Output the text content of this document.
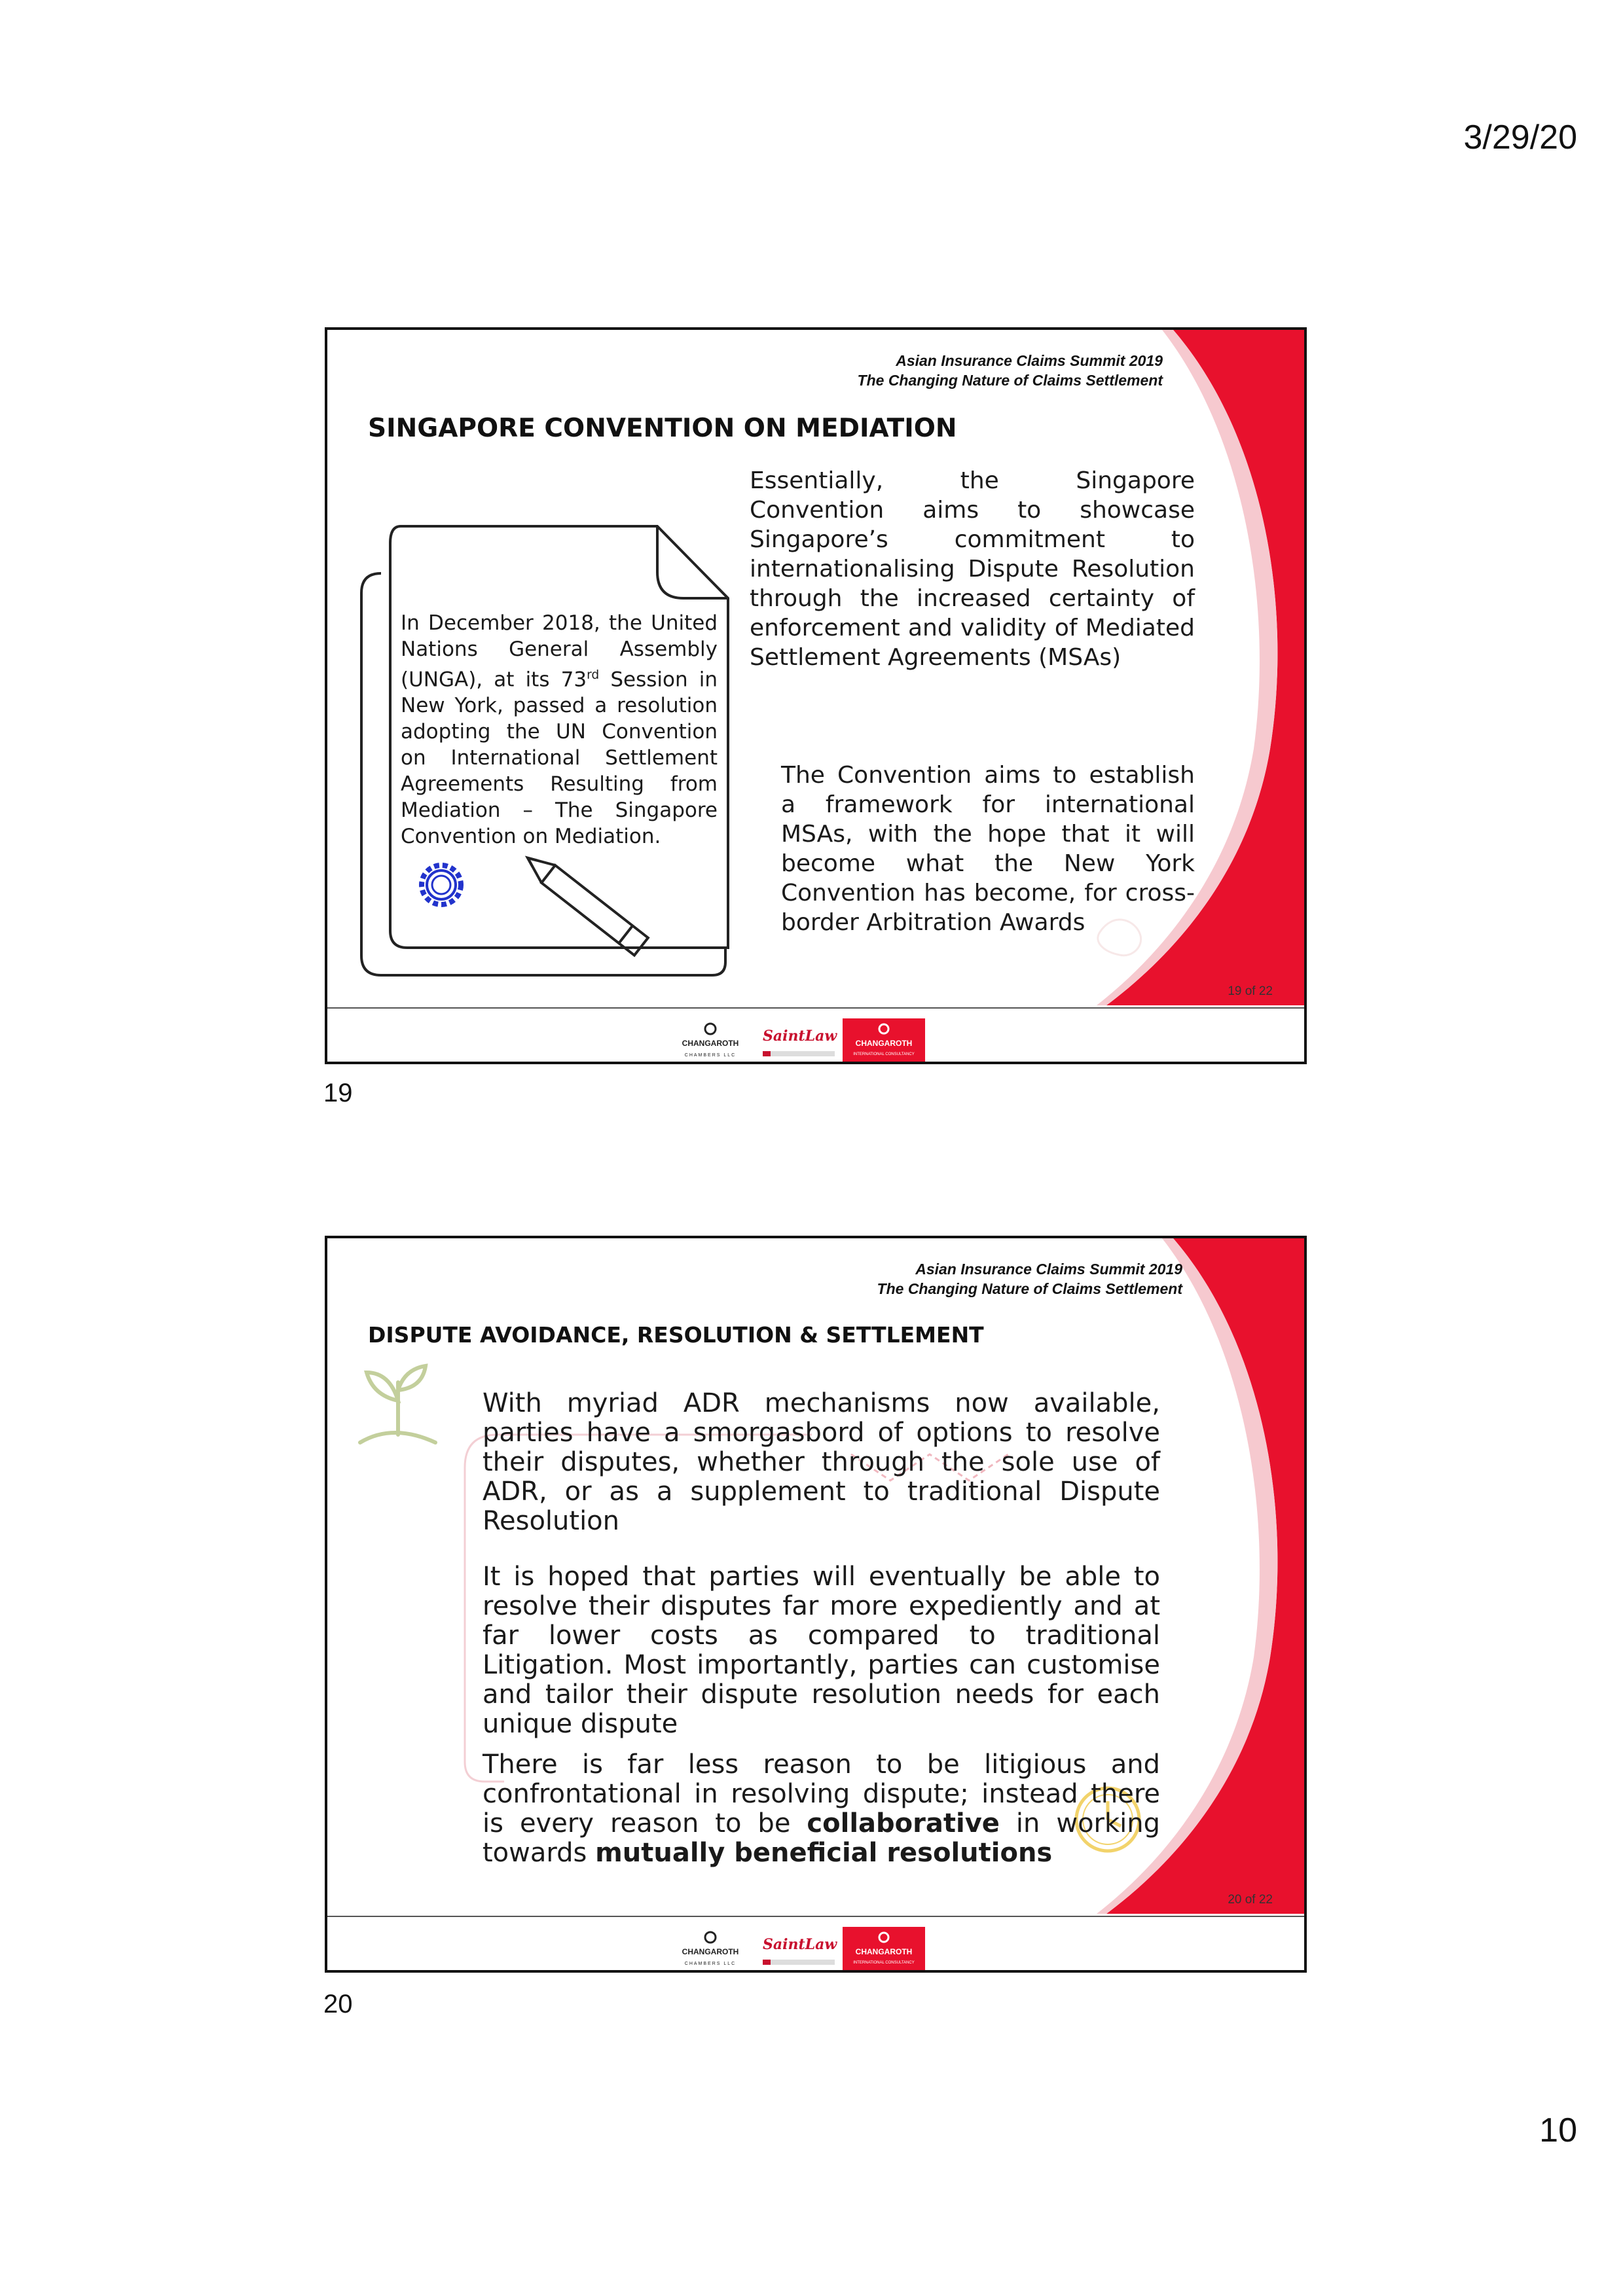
3/29/20
Asian Insurance Claims Summit 2019
The Changing Nature of Claims Settlement
SINGAPORE CONVENTION ON MEDIATION
In December 2018, the United Nations General Assembly (UNGA), at its 73rd Session in New York, passed a resolution adopting the UN Convention on International Settlement Agreements Resulting from Mediation – The Singapore Convention on Mediation.
Essentially, the Singapore Convention aims to showcase Singapore’s commitment to internationalising Dispute Resolution through the increased certainty of enforcement and validity of Mediated Settlement Agreements (MSAs)
The Convention aims to establish a framework for international MSAs, with the hope that it will become what the New York Convention has become, for cross-border Arbitration Awards
19 of 22
CHANGAROTH
CHAMBERS LLC
SaintLaw CHANGAROTH
INTERNATIONAL CONSULTANCY
19
Asian Insurance Claims Summit 2019
The Changing Nature of Claims Settlement
DISPUTE AVOIDANCE, RESOLUTION & SETTLEMENT
With myriad ADR mechanisms now available, parties have a smorgasbord of options to resolve their disputes, whether through the sole use of ADR, or as a supplement to traditional Dispute Resolution
It is hoped that parties will eventually be able to resolve their disputes far more expediently and at far lower costs as compared to traditional Litigation. Most importantly, parties can customise and tailor their dispute resolution needs for each unique dispute
There is far less reason to be litigious and confrontational in resolving dispute; instead there is every reason to be collaborative in working towards mutually beneficial resolutions
20 of 22
CHANGAROTH
CHAMBERS LLC
SaintLaw CHANGAROTH
INTERNATIONAL CONSULTANCY
20
10
